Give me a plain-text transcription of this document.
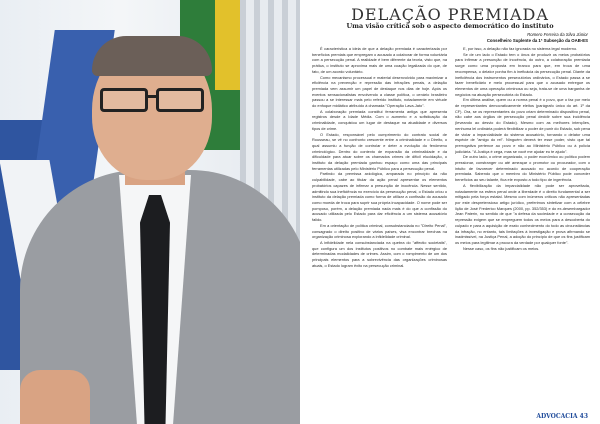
DELAÇÃO PREMIADA
Uma visão crítica sob o aspecto democrático do instituto
Romero Ferreira da Silva Júnior
Conselheiro Suplente da 1ª Subseção da OAB-ES

É característica a ideia de que a delação premiada é caracterizada por benefícios premiais que empregam o acusado a colaborar de forma voluntária com a persecução penal. A realidade é bem diferente da teoria, visto que, na prática, o instituto se aproxima mais de uma coação legalizada do que, de fato, de um acordo voluntário.

Como mecanismo processual e material desenvolvido para maximizar a eficiência na prevenção e repressão das infrações penais, a delação premiada vem assumir um papel de destaque nos dias de hoje. Após os eventos sensacionalistas envolvendo a classe política, o cenário brasileiro passou a se interessar mais pelo referido instituto, notadamente em virtude do enfoque midiático atribuído à chamada "Operação Lava-Jato".

A colaboração premiada constitui ferramenta antiga que apresenta registros desde a Idade Média. Com o aumento e a sofisticação da criminalidade, conquistou um lugar de destaque na atualidade e diversos tipos de crime.

O Estado, responsável pelo cumprimento do contrato social de Rousseau, se vê no confronto crescente entre a criminalidade e o Direito, o qual assumiu a função de controlar e deter a evolução do fenômeno criminológico. Dentro do contexto de expansão da criminalidade e da dificuldade para atuar sobre os chamados crimes de difícil elucidação, o instituto da delação premiada ganhou espaço como uma das principais ferramentas utilizadas pelo Ministério Público para a persecução penal.

Partindo da premissa axiológica, amparada no princípio da não culpabilidade, cabe ao titular da ação penal apresentar os elementos probatórios capazes de infirmar a presunção de inocência. Nesse sentido, admitindo sua ineficiência no exercício da persecução penal, o Estado criou o instituto da delação premiada como forma de utilizar a confissão do acusado como moeda de troca para suprir sua própria incapacidade. O nome pode ser pomposo, porém, a delação premiada nada mais é do que a confissão do acusado utilizada pelo Estado para dar eficiência a um sistema acusatório falido.

Em a orientação de política criminal, consubstanciada no "Direito Penal", consagrado o direito positivo de vários países, visa encontrar brechas na organização criminosa explorando a infidelidade criminal.

A infidelidade nela consubstanciada na quebra do "affectio societatis", que configura um dos institutos positivos no combate mais enérgico de determinadas modalidades de crimes. Assim, com o rompimento de um dos principais elementos para a sobrevivência das organizações criminosas atuais, o Estado logram êxito na persecução criminal.

E, por isso, a delação não faz ignorada no sistema legal moderno.

Se de um lado o Estado tem o ônus de produzir os meios probatórios para infirmar a presunção de inocência, do outro, a colaboração premiada surge como uma proposta em branco para que, em troca de uma recompensa, o delator ponha fim à ineficácia da persecução penal. Diante da ineficiência dos instrumentos persecutórios ordinários, o Estado passa a se fazer beneficiário e meio processual para que o acusado entregue os elementos de uma operação criminosa ou seja, trata-se de uma barganha de negócios na atuação persecutória do Estado.

Em última análise, quem ou a norma penal é o povo, que o faz por meio de representantes democraticamente eleitos (parágrafo único do art. 1º da CF). Ora, se os representantes do povo criam determinado dispositivo penal, não cabe aos órgãos de persecução penal decidir sobre sua incidência (leveando ao desvio do Estado). Mesmo com as melhores intenções, nenhuma lei ordinária poderá flexibilizar o poder de punir do Estado, sob pena de violar a imparcialidade do sistema acusatório, tornando o delator uma espécie de "amigo do rei". Ninguém deverá ter esse poder, visto que tal prerrogativa pertence ao povo e não ao Ministério Público ou à polícia judiciária. "A Justiça é cega, mas se você me ajudar eu te ajudo".

De outro lado, o crime organizado, o poder econômico ou político podem pressionar, constranger ou até ameaçar o promotor ou procurador, com o intuito de favorecer determinado acusado no acordo de cooperação premiada. Sabendo que o membro do Ministério Público pode conceder benefícios ao seu talante, fica ele exposto a todo tipo de ingerência.

A flexibilização da imparcialidade não pode ser aproveitada, notadamente na esfera penal onde a liberdade é o direito fundamental a ser mitigado pela força estatal. Mesmo com inúmeros críticos não apresentadas por este despretensioso artigo jurídico, preferimos sintetizar com a célebre lição de José Frederico Marques (2000, pp. 352/353) e do ex-desembargador Jean Paterin, no sentido de que "a defesa da sociedade e a consecução da repressão exigem que se empreguem todos os meios para a descoberta do culpado e para a aquisição de exato conhecimento do todo as circunstâncias da infração, no entanto, tais limitações à investigação e prova afirmando se inadmissível, na Justiça Penal, a adoção do princípio de que os fins justificam os meios para legitimar a procura da verdade por qualquer fonte".

Nesse caso, os fins não justificam os meios.

ADVOCACIA 43
